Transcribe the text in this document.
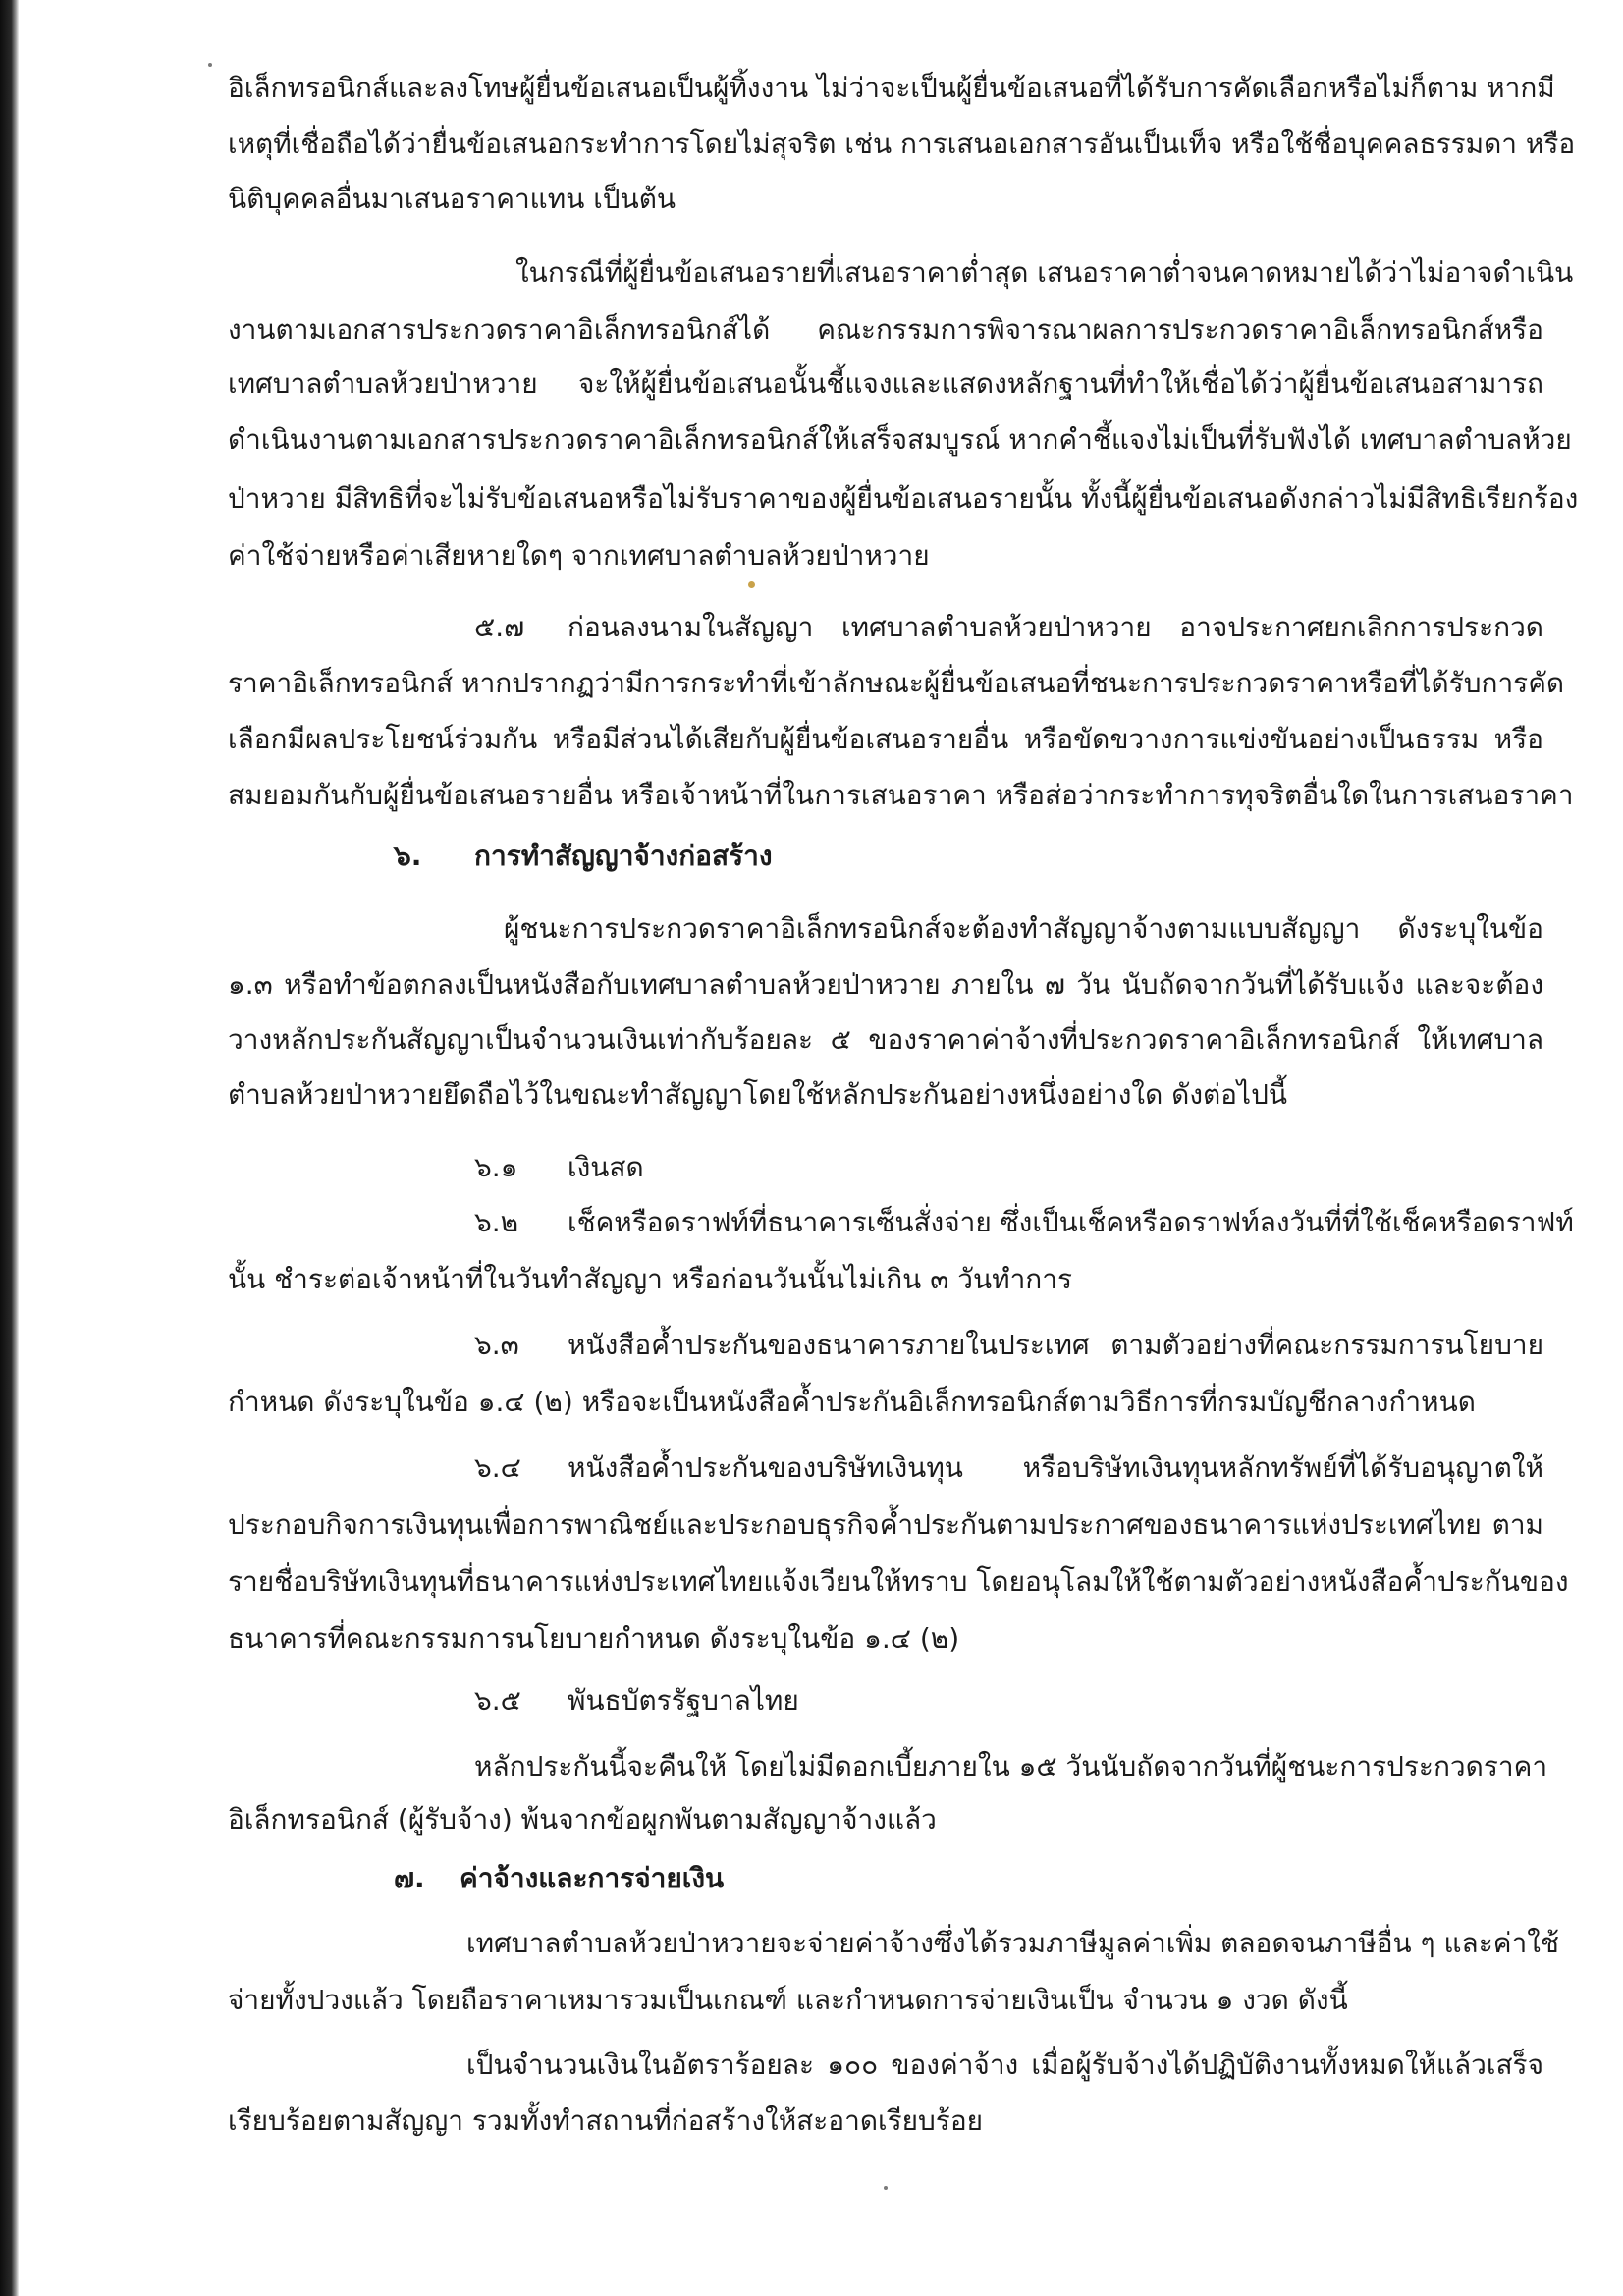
อิเล็กทรอนิกส์และลงโทษผู้ยื่นข้อเสนอเป็นผู้ทิ้งงาน ไม่ว่าจะเป็นผู้ยื่นข้อเสนอที่ได้รับการคัดเลือกหรือไม่ก็ตาม หากมี
เหตุที่เชื่อถือได้ว่ายื่นข้อเสนอกระทำการโดยไม่สุจริต เช่น การเสนอเอกสารอันเป็นเท็จ หรือใช้ชื่อบุคคลธรรมดา หรือ
นิติบุคคลอื่นมาเสนอราคาแทน เป็นต้น
ในกรณีที่ผู้ยื่นข้อเสนอรายที่เสนอราคาต่ำสุด เสนอราคาต่ำจนคาดหมายได้ว่าไม่อาจดำเนิน
งานตามเอกสารประกวดราคาอิเล็กทรอนิกส์ได้ คณะกรรมการพิจารณาผลการประกวดราคาอิเล็กทรอนิกส์หรือ
เทศบาลตำบลห้วยป่าหวาย จะให้ผู้ยื่นข้อเสนอนั้นชี้แจงและแสดงหลักฐานที่ทำให้เชื่อได้ว่าผู้ยื่นข้อเสนอสามารถ
ดำเนินงานตามเอกสารประกวดราคาอิเล็กทรอนิกส์ให้เสร็จสมบูรณ์ หากคำชี้แจงไม่เป็นที่รับฟังได้ เทศบาลตำบลห้วย
ป่าหวาย มีสิทธิที่จะไม่รับข้อเสนอหรือไม่รับราคาของผู้ยื่นข้อเสนอรายนั้น ทั้งนี้ผู้ยื่นข้อเสนอดังกล่าวไม่มีสิทธิเรียกร้อง
ค่าใช้จ่ายหรือค่าเสียหายใดๆ จากเทศบาลตำบลห้วยป่าหวาย
๕.๗ ก่อนลงนามในสัญญา เทศบาลตำบลห้วยป่าหวาย อาจประกาศยกเลิกการประกวด
ราคาอิเล็กทรอนิกส์ หากปรากฏว่ามีการกระทำที่เข้าลักษณะผู้ยื่นข้อเสนอที่ชนะการประกวดราคาหรือที่ได้รับการคัด
เลือกมีผลประโยชน์ร่วมกัน หรือมีส่วนได้เสียกับผู้ยื่นข้อเสนอรายอื่น หรือขัดขวางการแข่งขันอย่างเป็นธรรม หรือ
สมยอมกันกับผู้ยื่นข้อเสนอรายอื่น หรือเจ้าหน้าที่ในการเสนอราคา หรือส่อว่ากระทำการทุจริตอื่นใดในการเสนอราคา
๖. การทำสัญญาจ้างก่อสร้าง
ผู้ชนะการประกวดราคาอิเล็กทรอนิกส์จะต้องทำสัญญาจ้างตามแบบสัญญา ดังระบุในข้อ
๑.๓ หรือทำข้อตกลงเป็นหนังสือกับเทศบาลตำบลห้วยป่าหวาย ภายใน ๗ วัน นับถัดจากวันที่ได้รับแจ้ง และจะต้อง
วางหลักประกันสัญญาเป็นจำนวนเงินเท่ากับร้อยละ ๕ ของราคาค่าจ้างที่ประกวดราคาอิเล็กทรอนิกส์ ให้เทศบาล
ตำบลห้วยป่าหวายยึดถือไว้ในขณะทำสัญญาโดยใช้หลักประกันอย่างหนึ่งอย่างใด ดังต่อไปนี้
๖.๑ เงินสด
๖.๒ เช็คหรือดราฟท์ที่ธนาคารเซ็นสั่งจ่าย ซึ่งเป็นเช็คหรือดราฟท์ลงวันที่ที่ใช้เช็คหรือดราฟท์
นั้น ชำระต่อเจ้าหน้าที่ในวันทำสัญญา หรือก่อนวันนั้นไม่เกิน ๓ วันทำการ
๖.๓ หนังสือค้ำประกันของธนาคารภายในประเทศ ตามตัวอย่างที่คณะกรรมการนโยบาย
กำหนด ดังระบุในข้อ ๑.๔ (๒) หรือจะเป็นหนังสือค้ำประกันอิเล็กทรอนิกส์ตามวิธีการที่กรมบัญชีกลางกำหนด
๖.๔ หนังสือค้ำประกันของบริษัทเงินทุน หรือบริษัทเงินทุนหลักทรัพย์ที่ได้รับอนุญาตให้
ประกอบกิจการเงินทุนเพื่อการพาณิชย์และประกอบธุรกิจค้ำประกันตามประกาศของธนาคารแห่งประเทศไทย ตาม
รายชื่อบริษัทเงินทุนที่ธนาคารแห่งประเทศไทยแจ้งเวียนให้ทราบ โดยอนุโลมให้ใช้ตามตัวอย่างหนังสือค้ำประกันของ
ธนาคารที่คณะกรรมการนโยบายกำหนด ดังระบุในข้อ ๑.๔ (๒)
๖.๕ พันธบัตรรัฐบาลไทย
หลักประกันนี้จะคืนให้ โดยไม่มีดอกเบี้ยภายใน ๑๕ วันนับถัดจากวันที่ผู้ชนะการประกวดราคา
อิเล็กทรอนิกส์ (ผู้รับจ้าง) พ้นจากข้อผูกพันตามสัญญาจ้างแล้ว
๗. ค่าจ้างและการจ่ายเงิน
เทศบาลตำบลห้วยป่าหวายจะจ่ายค่าจ้างซึ่งได้รวมภาษีมูลค่าเพิ่ม ตลอดจนภาษีอื่น ๆ และค่าใช้
จ่ายทั้งปวงแล้ว โดยถือราคาเหมารวมเป็นเกณฑ์ และกำหนดการจ่ายเงินเป็น จำนวน ๑ งวด ดังนี้
เป็นจำนวนเงินในอัตราร้อยละ ๑๐๐ ของค่าจ้าง เมื่อผู้รับจ้างได้ปฏิบัติงานทั้งหมดให้แล้วเสร็จ
เรียบร้อยตามสัญญา รวมทั้งทำสถานที่ก่อสร้างให้สะอาดเรียบร้อย
